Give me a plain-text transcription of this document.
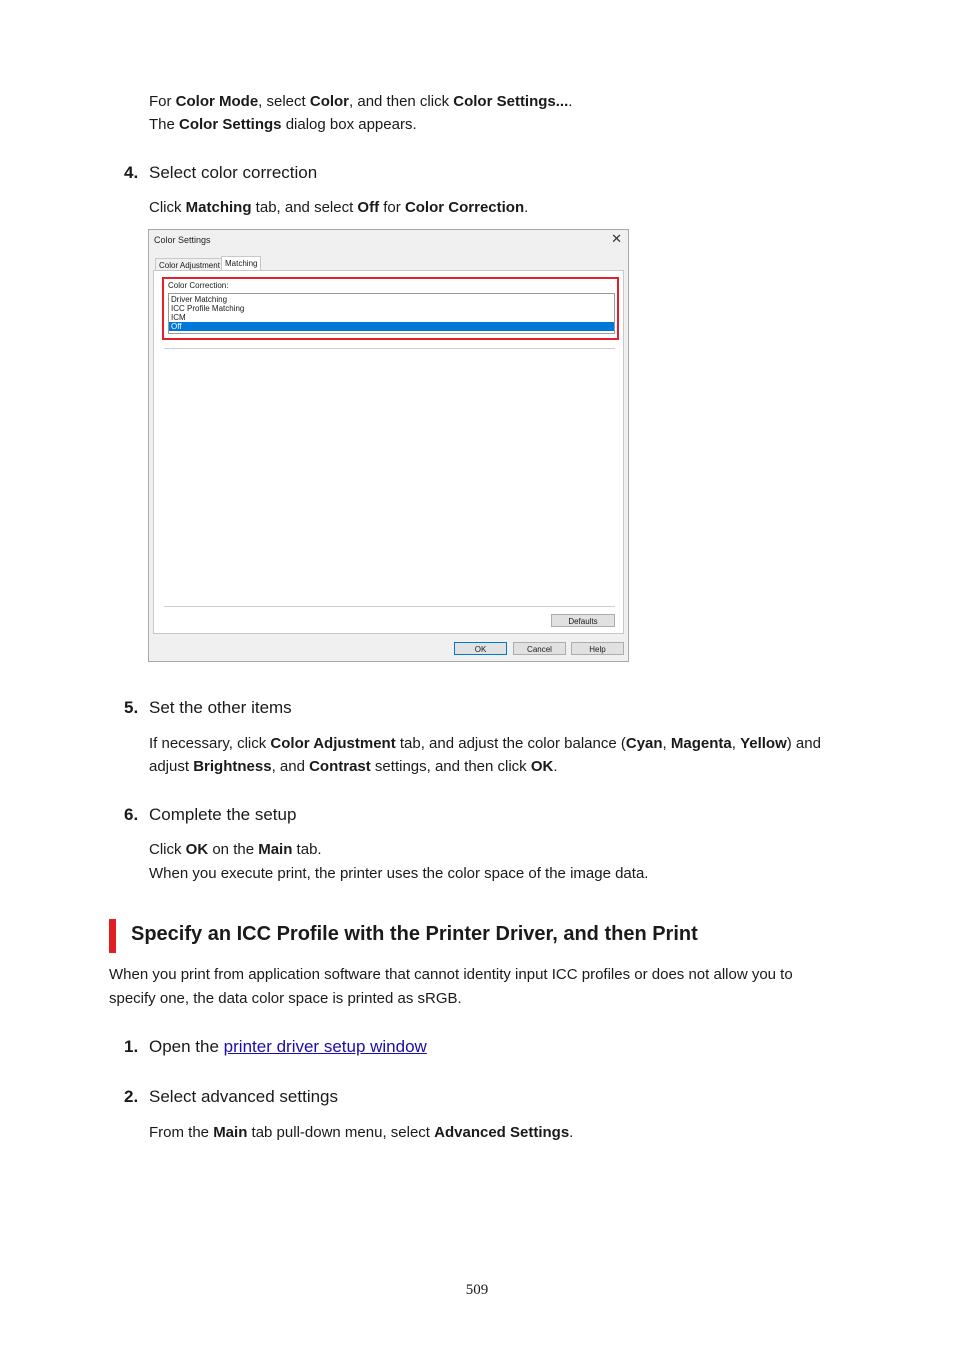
For Color Mode, select Color, and then click Color Settings....
The Color Settings dialog box appears.
4. Select color correction
Click Matching tab, and select Off for Color Correction.
Color Settings	✕
Color Adjustment Matching
Color Correction:
Driver Matching
ICC Profile Matching
ICM
Off
Defaults
OK	Cancel	Help
5. Set the other items
If necessary, click Color Adjustment tab, and adjust the color balance (Cyan, Magenta, Yellow) and
adjust Brightness, and Contrast settings, and then click OK.
6. Complete the setup
Click OK on the Main tab.
When you execute print, the printer uses the color space of the image data.
Specify an ICC Profile with the Printer Driver, and then Print
When you print from application software that cannot identity input ICC profiles or does not allow you to
specify one, the data color space is printed as sRGB.
1. Open the printer driver setup window
2. Select advanced settings
From the Main tab pull-down menu, select Advanced Settings.
509
